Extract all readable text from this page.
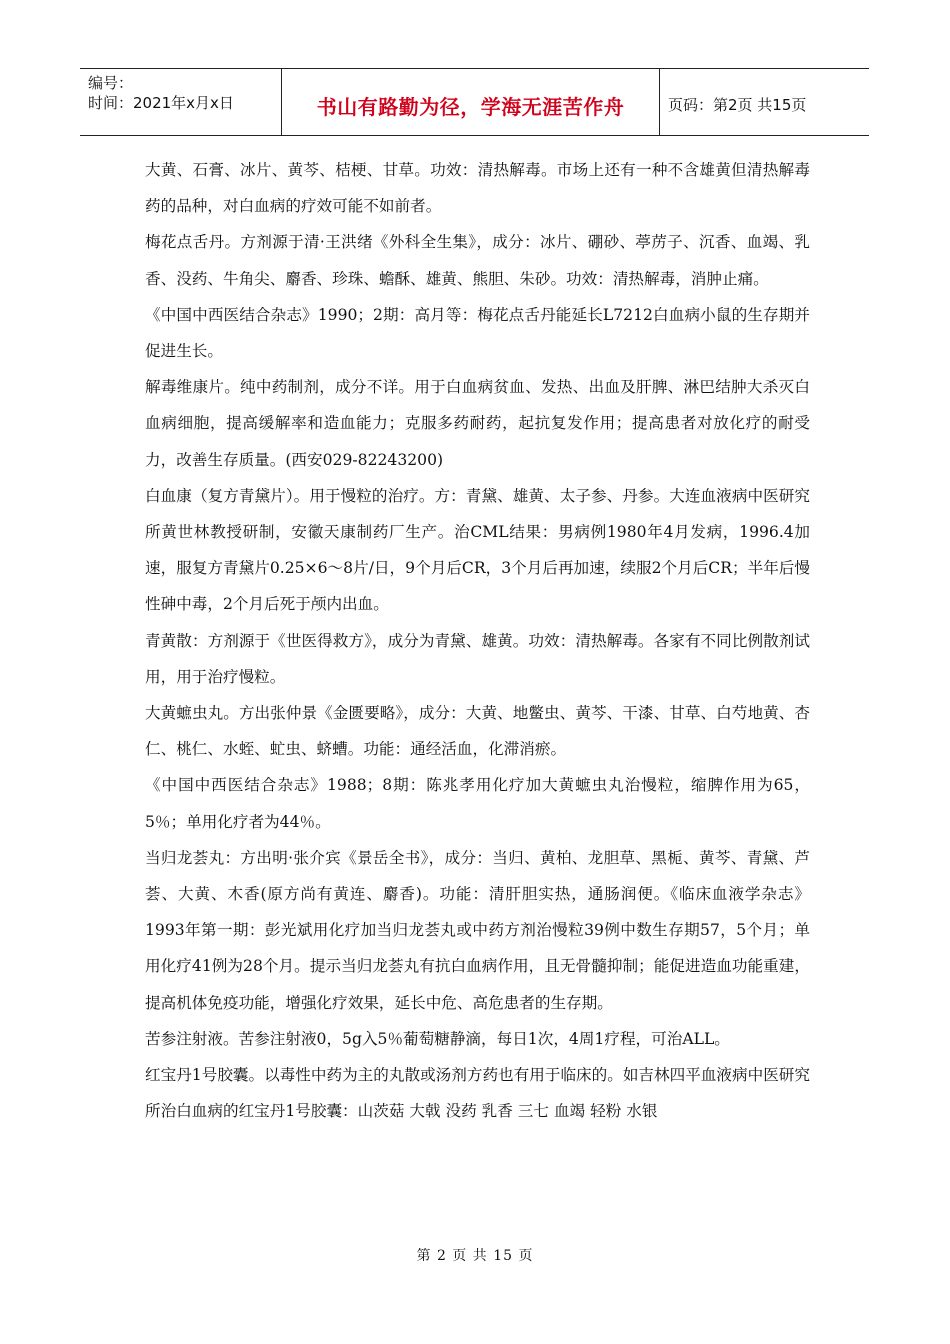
编号：
时间：2021年x月x日	书山有路勤为径，学海无涯苦作舟	页码：第2页 共15页

大黄、石膏、冰片、黄芩、桔梗、甘草。功效：清热解毒。市场上还有一种不含雄黄但清热解毒药的品种，对白血病的疗效可能不如前者。

梅花点舌丹。方剂源于清·王洪绪《外科全生集》，成分：冰片、硼砂、葶苈子、沉香、血竭、乳香、没药、牛角尖、麝香、珍珠、蟾酥、雄黄、熊胆、朱砂。功效：清热解毒，消肿止痛。

《中国中西医结合杂志》1990；2期：高月等：梅花点舌丹能延长L7212白血病小鼠的生存期并促进生长。

解毒维康片。纯中药制剂，成分不详。用于白血病贫血、发热、出血及肝脾、淋巴结肿大杀灭白血病细胞，提高缓解率和造血能力；克服多药耐药，起抗复发作用；提高患者对放化疗的耐受力，改善生存质量。(西安029-82243200)

白血康（复方青黛片）。用于慢粒的治疗。方：青黛、雄黄、太子参、丹参。大连血液病中医研究所黄世林教授研制，安徽天康制药厂生产。治CML结果：男病例1980年4月发病，1996.4加速，服复方青黛片0.25×6～8片/日，9个月后CR，3个月后再加速，续服2个月后CR；半年后慢性砷中毒，2个月后死于颅内出血。

青黄散：方剂源于《世医得救方》，成分为青黛、雄黄。功效：清热解毒。各家有不同比例散剂试用，用于治疗慢粒。

大黄蟅虫丸。方出张仲景《金匮要略》，成分：大黄、地鳖虫、黄芩、干漆、甘草、白芍地黄、杏仁、桃仁、水蛭、虻虫、蛴螬。功能：通经活血，化滞消瘀。

《中国中西医结合杂志》1988；8期：陈兆孝用化疗加大黄蟅虫丸治慢粒，缩脾作用为65，5％；单用化疗者为44％。

当归龙荟丸：方出明·张介宾《景岳全书》，成分：当归、黄柏、龙胆草、黑栀、黄芩、青黛、芦荟、大黄、木香(原方尚有黄连、麝香)。功能：清肝胆实热，通肠润便。《临床血液学杂志》1993年第一期：彭光斌用化疗加当归龙荟丸或中药方剂治慢粒39例中数生存期57，5个月；单用化疗41例为28个月。提示当归龙荟丸有抗白血病作用，且无骨髓抑制；能促进造血功能重建，提高机体免疫功能，增强化疗效果，延长中危、高危患者的生存期。

苦参注射液。苦参注射液0，5g入5％葡萄糖静滴，每日1次，4周1疗程，可治ALL。

红宝丹1号胶囊。以毒性中药为主的丸散或汤剂方药也有用于临床的。如吉林四平血液病中医研究所治白血病的红宝丹1号胶囊：山茨菇 大戟 没药 乳香 三七 血竭 轻粉 水银

第 2 页 共 15 页
